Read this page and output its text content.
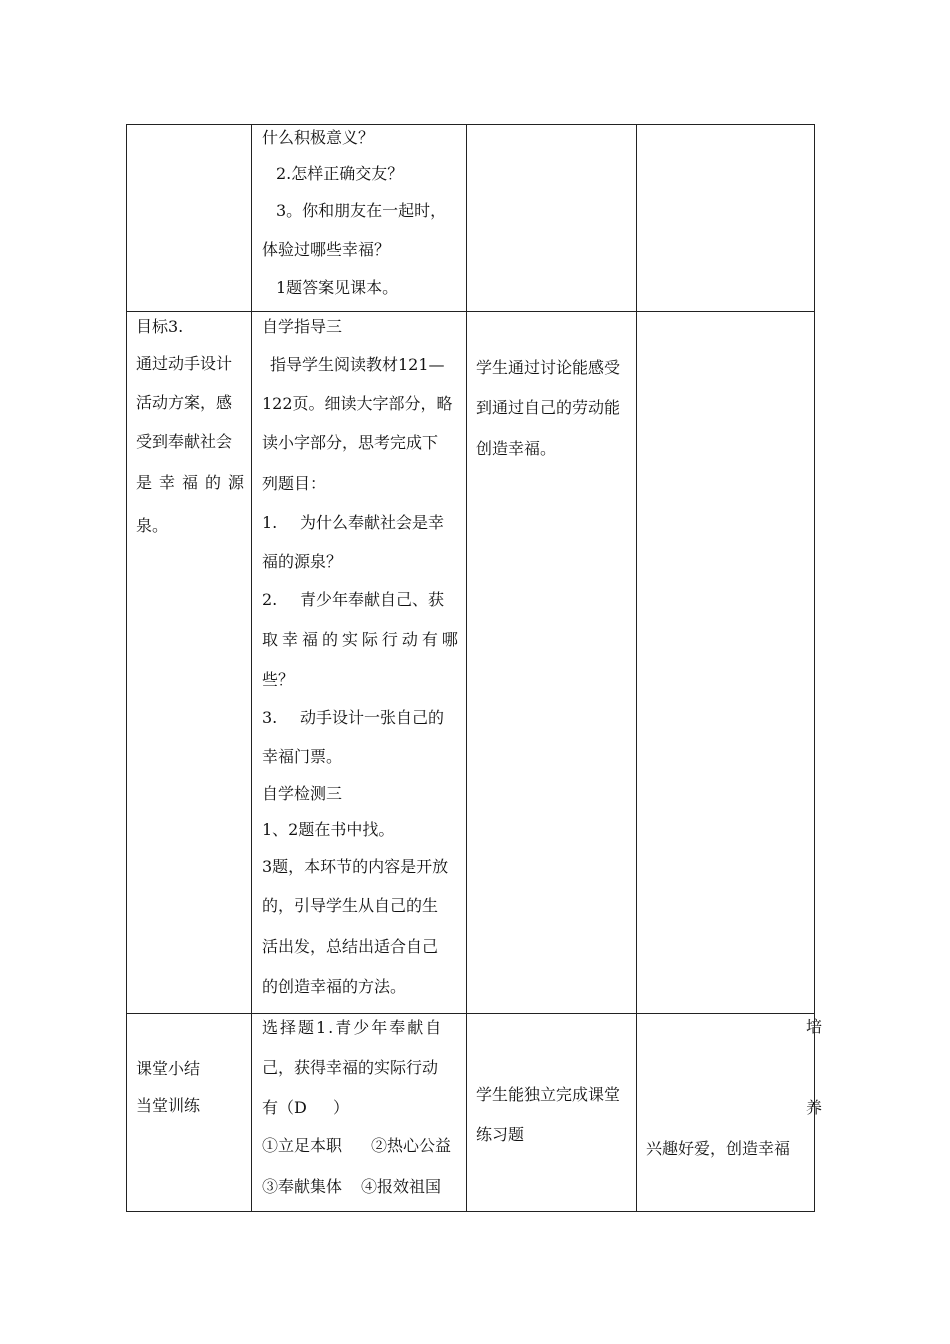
什么积极意义？
2.怎样正确交友？
3。你和朋友在一起时，
体验过哪些幸福？
1题答案见课本。
目标3.
通过动手设计
活动方案，感
受到奉献社会
是 幸 福 的 源
泉。
自学指导三
指导学生阅读教材121—
122页。细读大字部分，略
读小字部分，思考完成下
列题目：
1. 为什么奉献社会是幸
福的源泉？
2. 青少年奉献自己、获
取 幸 福 的 实 际 行 动 有 哪
些？
3. 动手设计一张自己的
幸福门票。
自学检测三
1、2题在书中找。
3题，本环节的内容是开放
的，引导学生从自己的生
活出发，总结出适合自己
的创造幸福的方法。
学生通过讨论能感受
到通过自己的劳动能
创造幸福。
课堂小结
当堂训练
选择题1.青少年奉献自
己，获得幸福的实际行动
有（D ）
①立足本职 ②热心公益
③奉献集体 ④报效祖国
学生能独立完成课堂
练习题
培
养
兴趣好爱，创造幸福
